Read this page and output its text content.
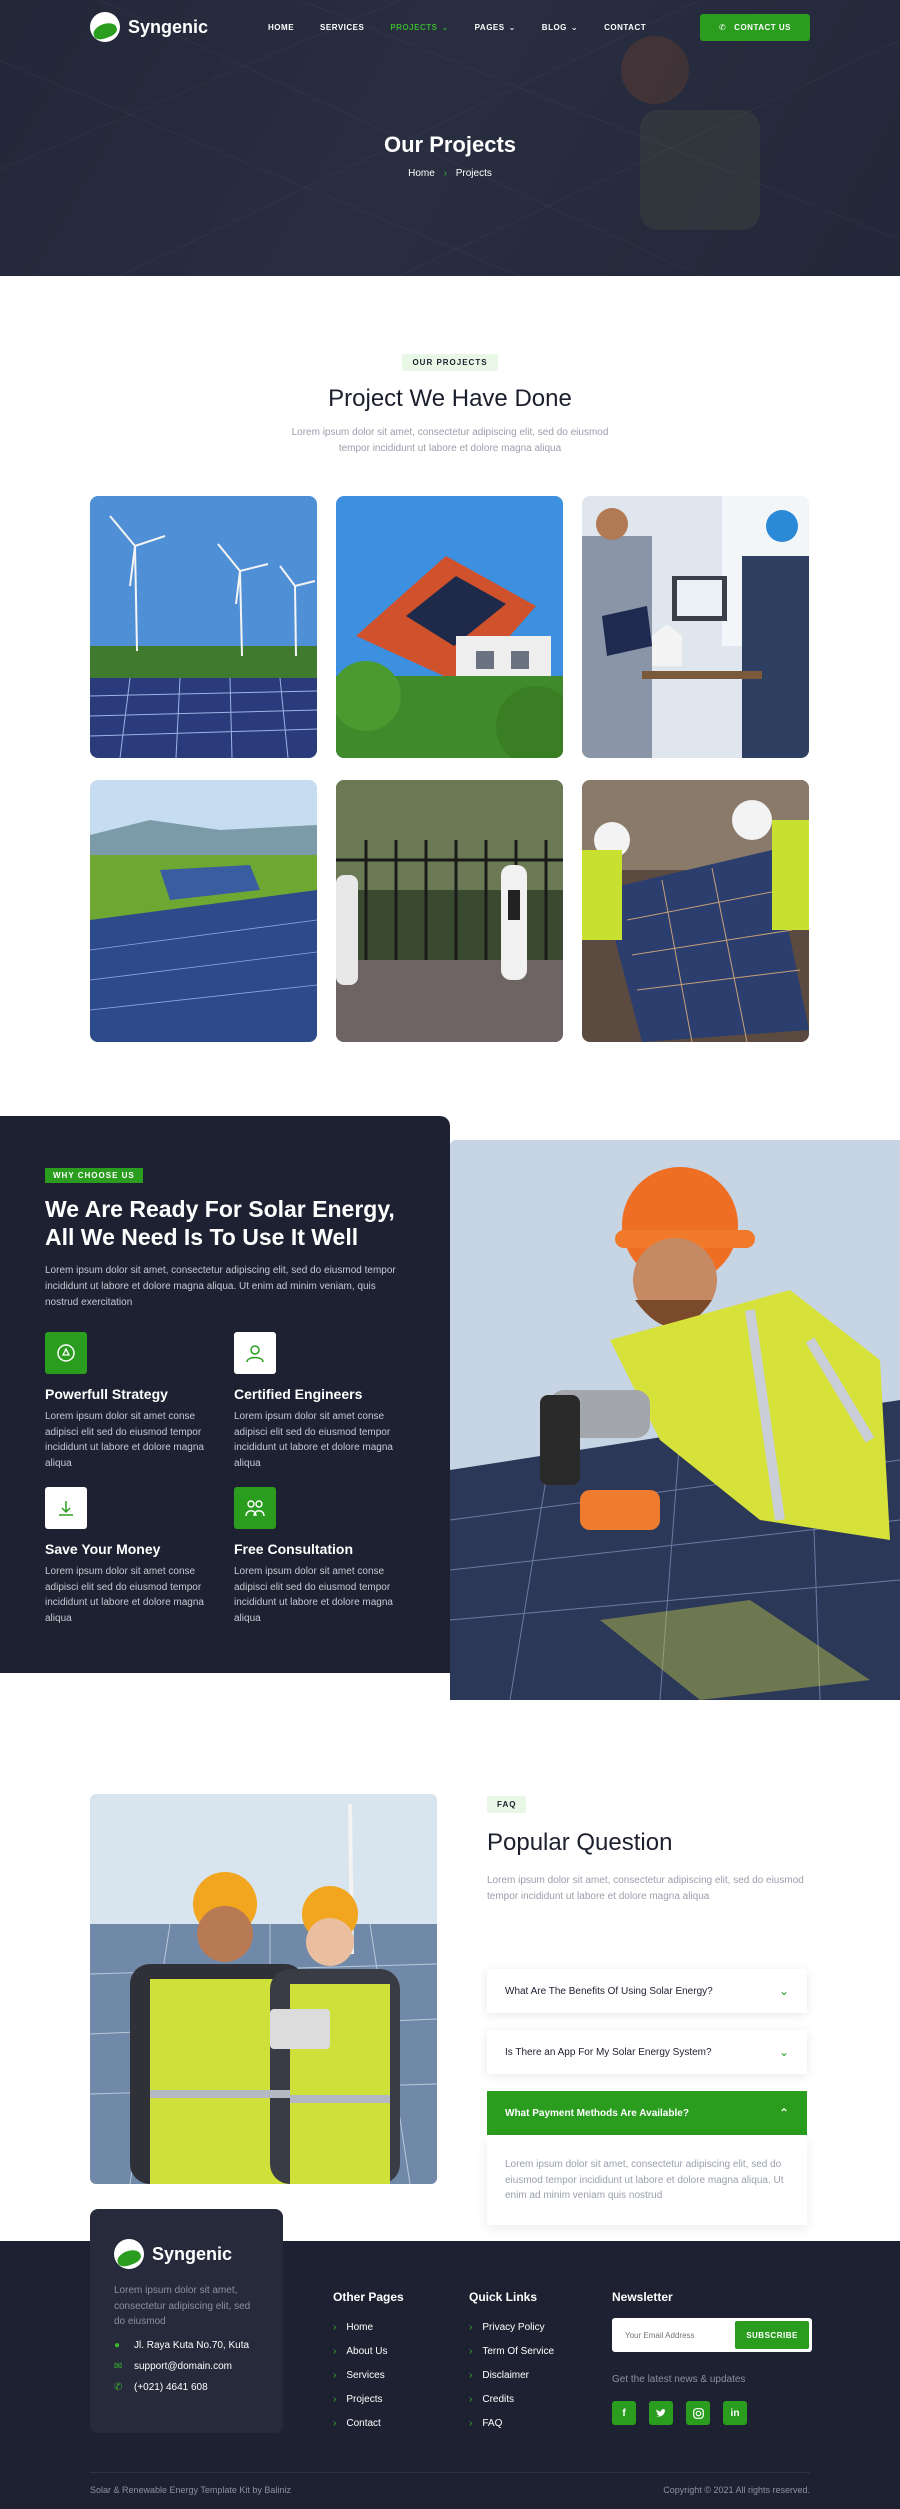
Syngenic	HOME	SERVICES	PROJECTS ⌄	PAGES ⌄	BLOG ⌄	CONTACT	✆ CONTACT US
Our Projects
Home › Projects
OUR PROJECTS
Project We Have Done

Lorem ipsum dolor sit amet, consectetur adipiscing elit, sed do eiusmod tempor incididunt ut labore et dolore magna aliqua

WHY CHOOSE US
We Are Ready For Solar Energy, All We Need Is To Use It Well

Lorem ipsum dolor sit amet, consectetur adipiscing elit, sed do eiusmod tempor incididunt ut labore et dolore magna aliqua. Ut enim ad minim veniam, quis nostrud exercitation

Powerfull Strategy
Lorem ipsum dolor sit amet conse adipisci elit sed do eiusmod tempor incididunt ut labore et dolore magna aliqua
Certified Engineers
Lorem ipsum dolor sit amet conse adipisci elit sed do eiusmod tempor incididunt ut labore et dolore magna aliqua
Save Your Money
Lorem ipsum dolor sit amet conse adipisci elit sed do eiusmod tempor incididunt ut labore et dolore magna aliqua
Free Consultation
Lorem ipsum dolor sit amet conse adipisci elit sed do eiusmod tempor incididunt ut labore et dolore magna aliqua
FAQ
Popular Question

Lorem ipsum dolor sit amet, consectetur adipiscing elit, sed do eiusmod tempor incididunt ut labore et dolore magna aliqua

What Are The Benefits Of Using Solar Energy?	⌄
Is There an App For My Solar Energy System?	⌄
What Payment Methods Are Available?	⌃
Lorem ipsum dolor sit amet, consectetur adipiscing elit, sed do eiusmod tempor incididunt ut labore et dolore magna aliqua. Ut enim ad minim veniam quis nostrud
Syngenic

Lorem ipsum dolor sit amet, consectetur adipiscing elit, sed do eiusmod

●	Jl. Raya Kuta No.70, Kuta
✉ support@domain.com
✆ (+021) 4641 608
Other Pages
› Home
› About Us
› Services
› Projects
› Contact
Quick Links
› Privacy Policy
› Term Of Service
› Disclaimer
› Credits
› FAQ
Newsletter
Your Email Address
SUBSCRIBE
Get the latest news & updates
f	in
Solar & Renewable Energy Template Kit by Baliniz	Copyright © 2021 All rights reserved.
